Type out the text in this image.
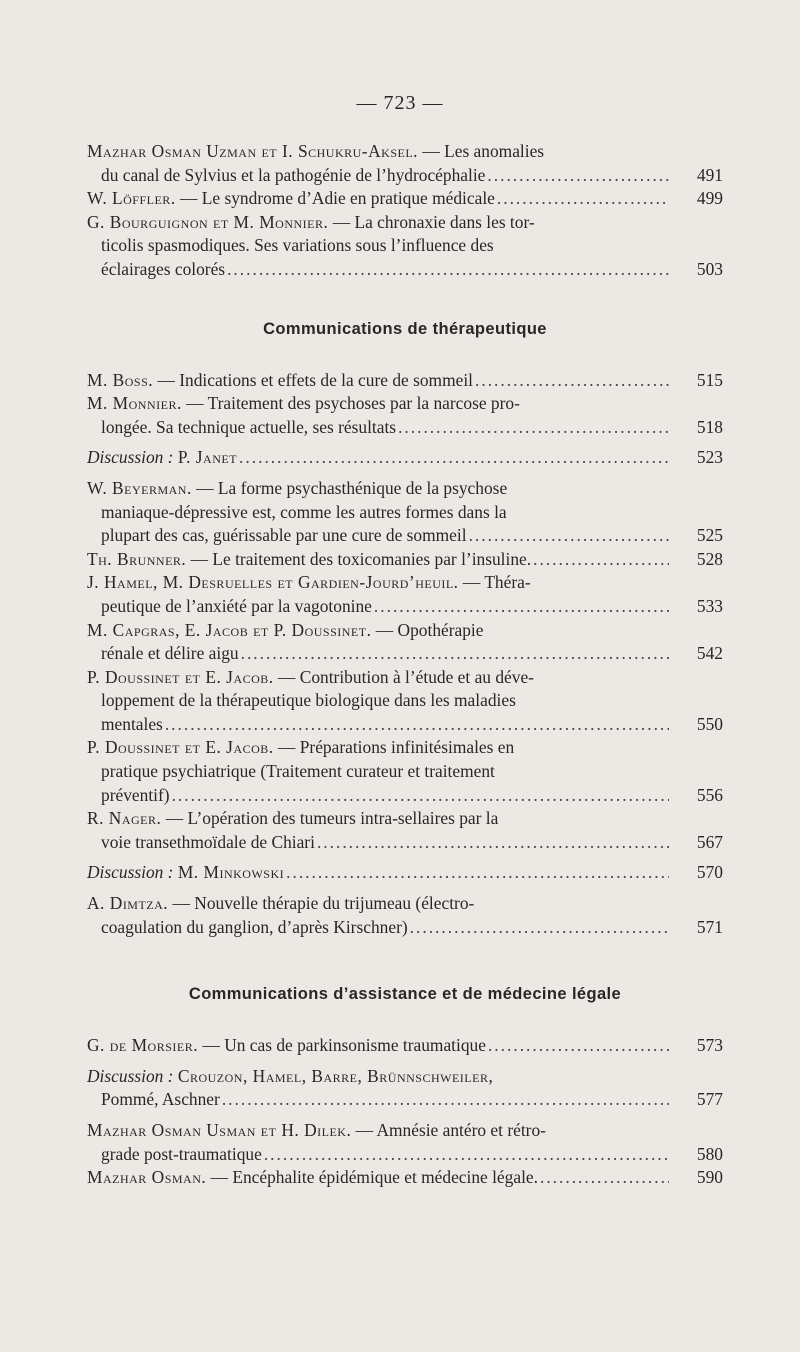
— 723 —
Mazhar Osman Uzman et I. Schukru-Aksel. — Les anomalies
du canal de Sylvius et la pathogénie de l’hydrocéphalie .....	491
W. Löffler. — Le syndrome d’Adie en pratique médicale .....	499
G. Bourguignon et M. Monnier. — La chronaxie dans les tor-
ticolis spasmodiques. Ses variations sous l’influence des
éclairages colorés .....	503
Communications de thérapeutique
M. Boss. — Indications et effets de la cure de sommeil .....	515
M. Monnier. — Traitement des psychoses par la narcose pro-
longée. Sa technique actuelle, ses résultats .....	518
Discussion : P. Janet .....	523
W. Beyerman. — La forme psychasthénique de la psychose
maniaque-dépressive est, comme les autres formes dans la
plupart des cas, guérissable par une cure de sommeil .....	525
Th. Brunner. — Le traitement des toxicomanies par l’insuline. .....	528
J. Hamel, M. Desruelles et Gardien-Jourd’heuil. — Théra-
peutique de l’anxiété par la vagotonine .....	533
M. Capgras, E. Jacob et P. Doussinet. — Opothérapie
rénale et délire aigu .....	542
P. Doussinet et E. Jacob. — Contribution à l’étude et au déve-
loppement de la thérapeutique biologique dans les maladies
mentales .....	550
P. Doussinet et E. Jacob. — Préparations infinitésimales en
pratique psychiatrique (Traitement curateur et traitement
préventif) .....	556
R. Nager. — L’opération des tumeurs intra-sellaires par la
voie transethmoïdale de Chiari .....	567
Discussion : M. Minkowski .....	570
A. Dimtza. — Nouvelle thérapie du trijumeau (électro-
coagulation du ganglion, d’après Kirschner) .....	571
Communications d’assistance et de médecine légale
G. de Morsier. — Un cas de parkinsonisme traumatique .....	573
Discussion : Crouzon, Hamel, Barre, Brünnschweiler,
Pommé, Aschner .....	577
Mazhar Osman Usman et H. Dilek. — Amnésie antéro et rétro-
grade post-traumatique .....	580
Mazhar Osman. — Encéphalite épidémique et médecine légale. .....	590
